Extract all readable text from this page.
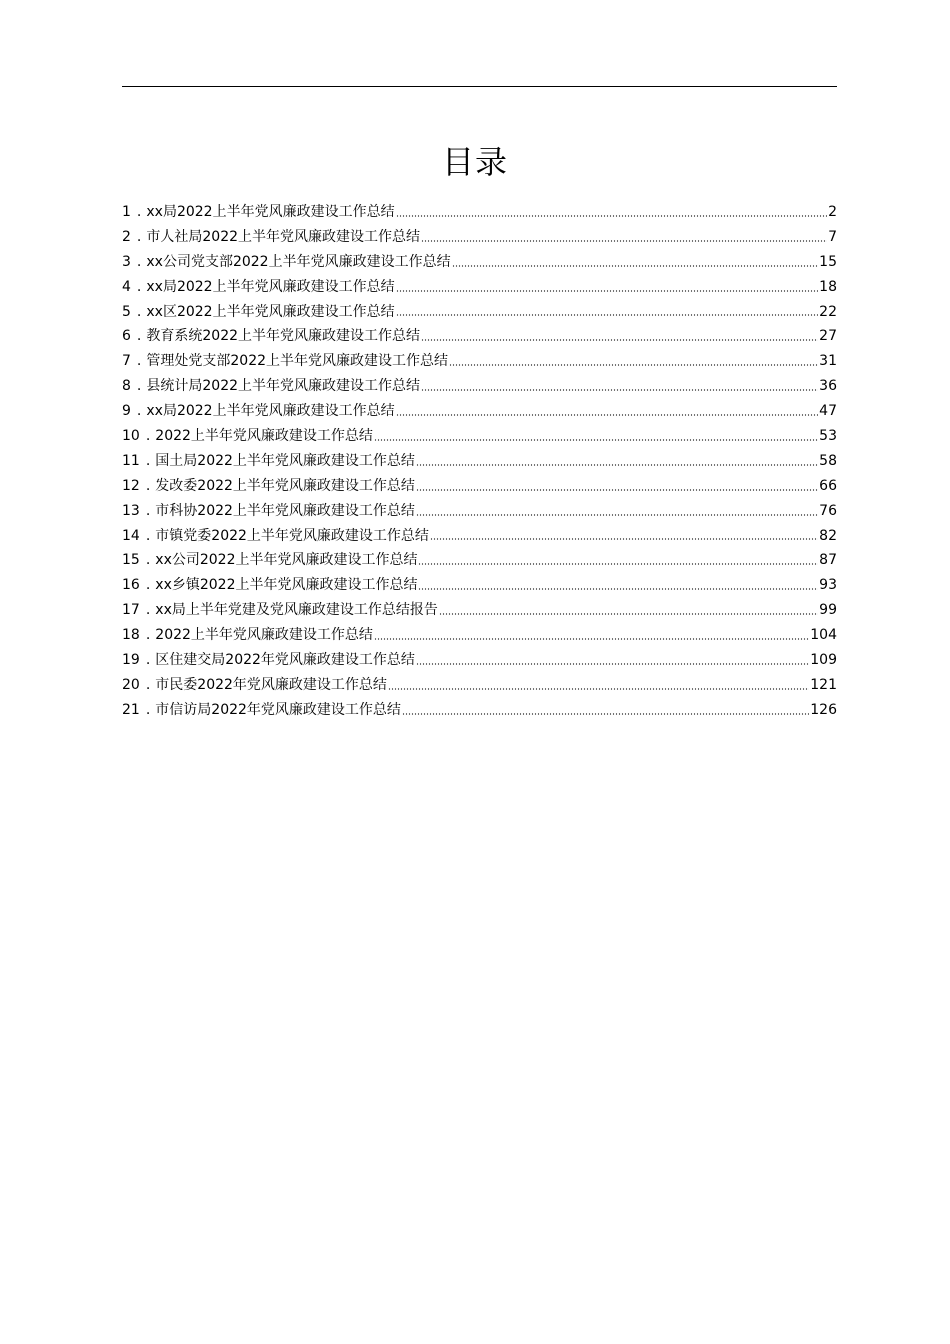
目录
1 . xx局2022上半年党风廉政建设工作总结	2
2 . 市人社局2022上半年党风廉政建设工作总结	7
3 . xx公司党支部2022上半年党风廉政建设工作总结	15
4 . xx局2022上半年党风廉政建设工作总结	18
5 . xx区2022上半年党风廉政建设工作总结	22
6 . 教育系统2022上半年党风廉政建设工作总结	27
7 . 管理处党支部2022上半年党风廉政建设工作总结	31
8 . 县统计局2022上半年党风廉政建设工作总结	36
9 . xx局2022上半年党风廉政建设工作总结	47
10 . 2022上半年党风廉政建设工作总结	53
11 . 国土局2022上半年党风廉政建设工作总结	58
12 . 发改委2022上半年党风廉政建设工作总结	66
13 . 市科协2022上半年党风廉政建设工作总结	76
14 . 市镇党委2022上半年党风廉政建设工作总结	82
15 . xx公司2022上半年党风廉政建设工作总结	87
16 . xx乡镇2022上半年党风廉政建设工作总结	93
17 . xx局上半年党建及党风廉政建设工作总结报告	99
18 . 2022上半年党风廉政建设工作总结	104
19 . 区住建交局2022年党风廉政建设工作总结	109
20 . 市民委2022年党风廉政建设工作总结	121
21 . 市信访局2022年党风廉政建设工作总结	126
